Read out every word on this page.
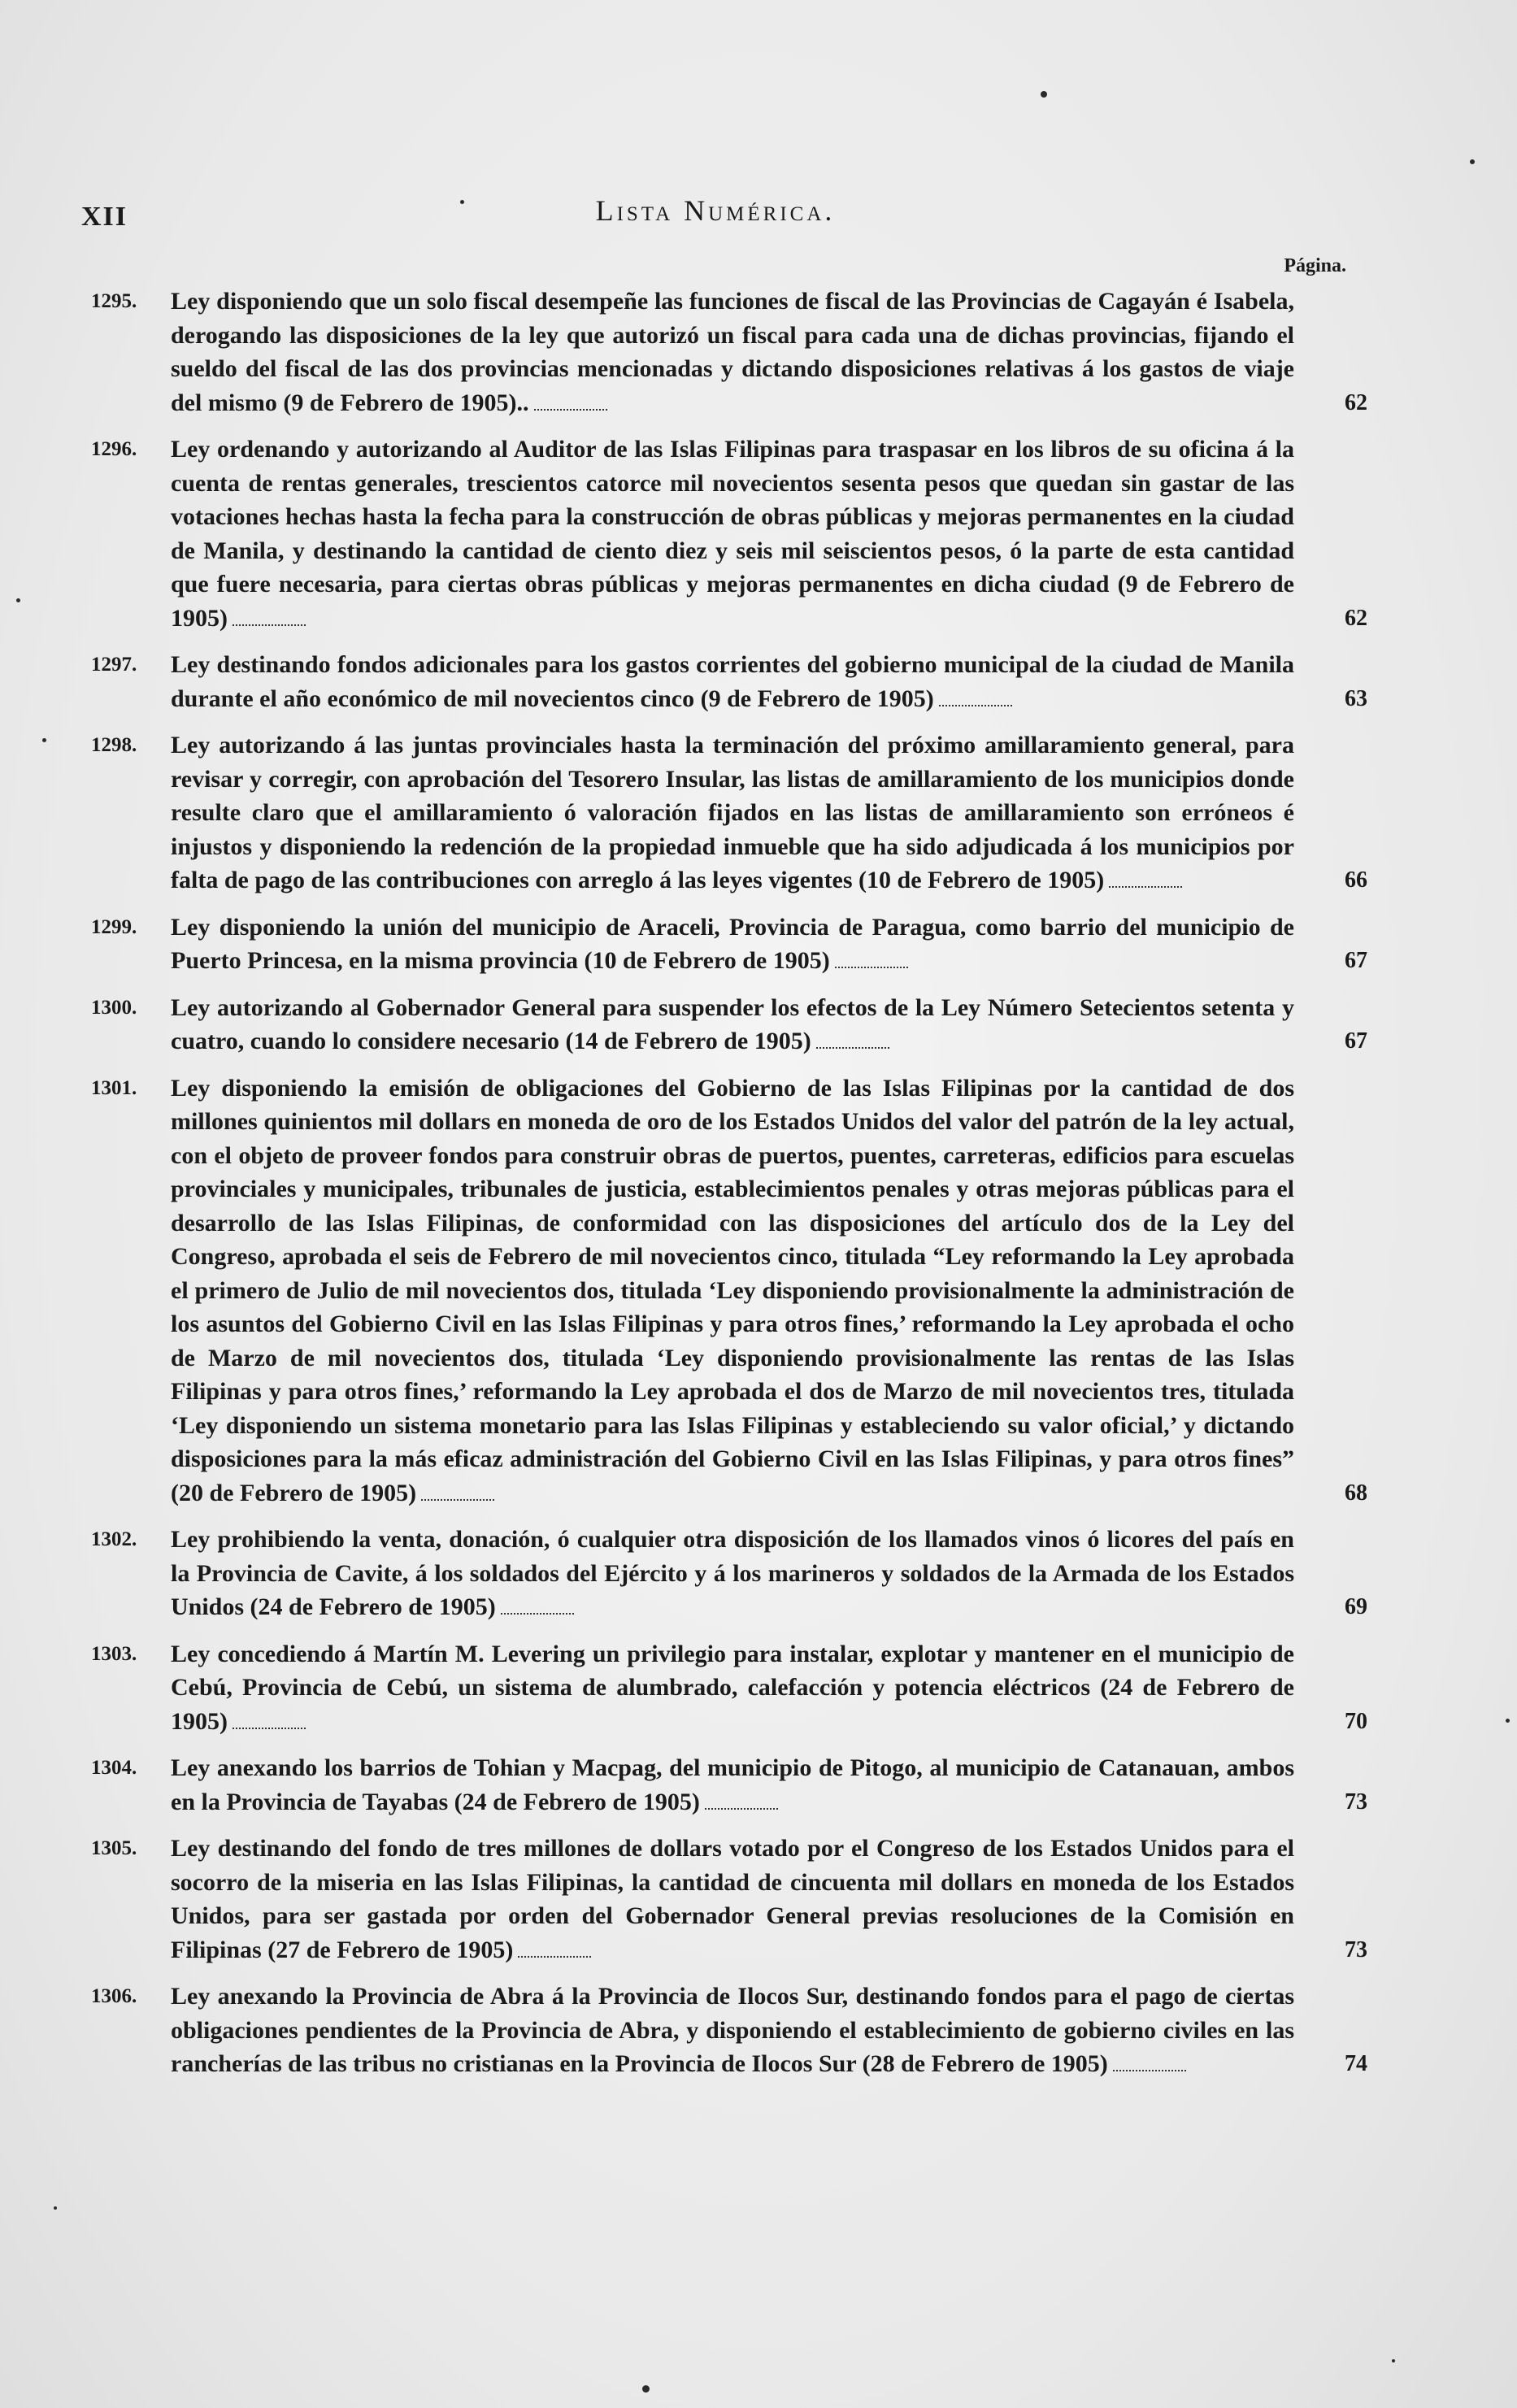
XII	Lista Numérica.
Página.
1295.	Ley disponiendo que un solo fiscal desempeñe las funciones de fiscal de las Provincias de Cagayán é Isabela, derogando las disposiciones de la ley que autorizó un fiscal para cada una de dichas provincias, fijando el sueldo del fiscal de las dos provincias mencionadas y dictando disposiciones relativas á los gastos de viaje del mismo (9 de Febrero de 1905)..	62
1296.	Ley ordenando y autorizando al Auditor de las Islas Filipinas para traspasar en los libros de su oficina á la cuenta de rentas generales, trescientos catorce mil novecientos sesenta pesos que quedan sin gastar de las votaciones hechas hasta la fecha para la construcción de obras públicas y mejoras permanentes en la ciudad de Manila, y destinando la cantidad de ciento diez y seis mil seiscientos pesos, ó la parte de esta cantidad que fuere necesaria, para ciertas obras públicas y mejoras permanentes en dicha ciudad (9 de Febrero de 1905)	62
1297.	Ley destinando fondos adicionales para los gastos corrientes del gobierno municipal de la ciudad de Manila durante el año económico de mil novecientos cinco (9 de Febrero de 1905)	63
1298.	Ley autorizando á las juntas provinciales hasta la terminación del próximo amillaramiento general, para revisar y corregir, con aprobación del Tesorero Insular, las listas de amillaramiento de los municipios donde resulte claro que el amillaramiento ó valoración fijados en las listas de amillaramiento son erróneos é injustos y disponiendo la redención de la propiedad inmueble que ha sido adjudicada á los municipios por falta de pago de las contribuciones con arreglo á las leyes vigentes (10 de Febrero de 1905)	66
1299.	Ley disponiendo la unión del municipio de Araceli, Provincia de Paragua, como barrio del municipio de Puerto Princesa, en la misma provincia (10 de Febrero de 1905)	67
1300.	Ley autorizando al Gobernador General para suspender los efectos de la Ley Número Setecientos setenta y cuatro, cuando lo considere necesario (14 de Febrero de 1905)	67
1301.	Ley disponiendo la emisión de obligaciones del Gobierno de las Islas Filipinas por la cantidad de dos millones quinientos mil dollars en moneda de oro de los Estados Unidos del valor del patrón de la ley actual, con el objeto de proveer fondos para construir obras de puertos, puentes, carreteras, edificios para escuelas provinciales y municipales, tribunales de justicia, establecimientos penales y otras mejoras públicas para el desarrollo de las Islas Filipinas, de conformidad con las disposiciones del artículo dos de la Ley del Congreso, aprobada el seis de Febrero de mil novecientos cinco, titulada “Ley reformando la Ley aprobada el primero de Julio de mil novecientos dos, titulada ‘Ley disponiendo provisionalmente la administración de los asuntos del Gobierno Civil en las Islas Filipinas y para otros fines,’ reformando la Ley aprobada el ocho de Marzo de mil novecientos dos, titulada ‘Ley disponiendo provisionalmente las rentas de las Islas Filipinas y para otros fines,’ reformando la Ley aprobada el dos de Marzo de mil novecientos tres, titulada ‘Ley disponiendo un sistema monetario para las Islas Filipinas y estableciendo su valor oficial,’ y dictando disposiciones para la más eficaz administración del Gobierno Civil en las Islas Filipinas, y para otros fines” (20 de Febrero de 1905)	68
1302.	Ley prohibiendo la venta, donación, ó cualquier otra disposición de los llamados vinos ó licores del país en la Provincia de Cavite, á los soldados del Ejército y á los marineros y soldados de la Armada de los Estados Unidos (24 de Febrero de 1905)	69
1303.	Ley concediendo á Martín M. Levering un privilegio para instalar, explotar y mantener en el municipio de Cebú, Provincia de Cebú, un sistema de alumbrado, calefacción y potencia eléctricos (24 de Febrero de 1905)	70
1304.	Ley anexando los barrios de Tohian y Macpag, del municipio de Pitogo, al municipio de Catanauan, ambos en la Provincia de Tayabas (24 de Febrero de 1905)	73
1305.	Ley destinando del fondo de tres millones de dollars votado por el Congreso de los Estados Unidos para el socorro de la miseria en las Islas Filipinas, la cantidad de cincuenta mil dollars en moneda de los Estados Unidos, para ser gastada por orden del Gobernador General previas resoluciones de la Comisión en Filipinas (27 de Febrero de 1905)	73
1306.	Ley anexando la Provincia de Abra á la Provincia de Ilocos Sur, destinando fondos para el pago de ciertas obligaciones pendientes de la Provincia de Abra, y disponiendo el establecimiento de gobierno civiles en las rancherías de las tribus no cristianas en la Provincia de Ilocos Sur (28 de Febrero de 1905)	74
